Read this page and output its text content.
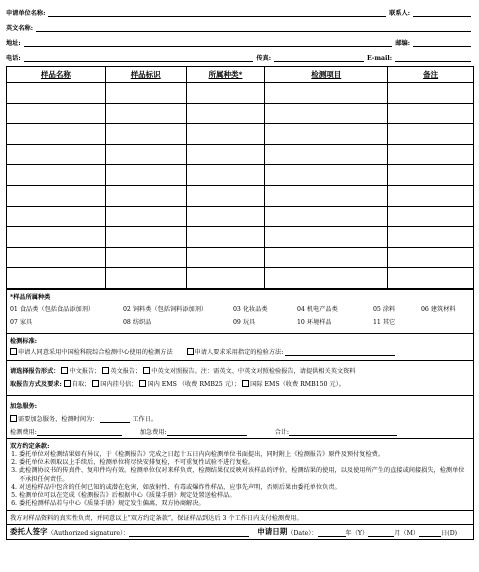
申请单位名称:	联系人:
英文名称:
地址:	邮编:
电话:	传真:	E-mail:
样品名称	样品标识	所属种类*	检测项目	备注

*样品所属种类
01 食品类（包括食品添加剂）	02 饲料类（包括饲料添加剂）	03 化妆品类	04 机电产品类	05 涂料	06 建筑材料
07 家具	08 纺织品	09 玩具	10 环境样品	11 其它
检测标准:
申请人同意采用中国检科院综合检测中心使用的检测方法	申请人要求采用指定的检验方法:
请选择报告形式： 中文报告； 英文报告； 中英文对照报告。注：需英文、中英文对照检验报告，请提供相关英文资料
取报告方式及要求: 自取； 国内挂号信； 国内 EMS （收费 RMB25 元）； 国际 EMS（收费 RMB150 元）。
加急服务:
需要加急服务，检测时间为：	工作日。
检测费用:	加急费用:	合计:
双方约定条款:
1. 委托单位对检测结果如有异议，于《检测报告》完成之日起十五日内向检测单位书面提出，同时附上《检测报告》原件及预付复检费。
2. 委托单位未领取以上手续后，检测单位将尽快安排复检，不可重复性试验不进行复检。
3. 此检测协议书的传真件、复印件均有效。检测单位仅对来样负责，检测结果仅反映对该样品的评价，检测结果的使用，以及使用所产生的直接或间接损失，检测单位不承担任何责任。
4. 对送检样品中包含的任何已知的或潜在危害，如放射性、有毒或爆炸性样品，应事先声明，否则后果由委托单位负责。
5. 检测单位可以在完成《检测报告》后根据中心《质量手册》规定处置送检样品。
6. 委托检测样品若与中心《质量手册》规定发生偏离，双方协商解决。
我方对样品资料的真实性负责，并同意以上“双方约定条款”，保证样品到达后 3 个工作日内支付检测费用。
委托人签字 （Authorized signature）：	申请日期 （Date）：	年（Y）	月（M）	日(D)
